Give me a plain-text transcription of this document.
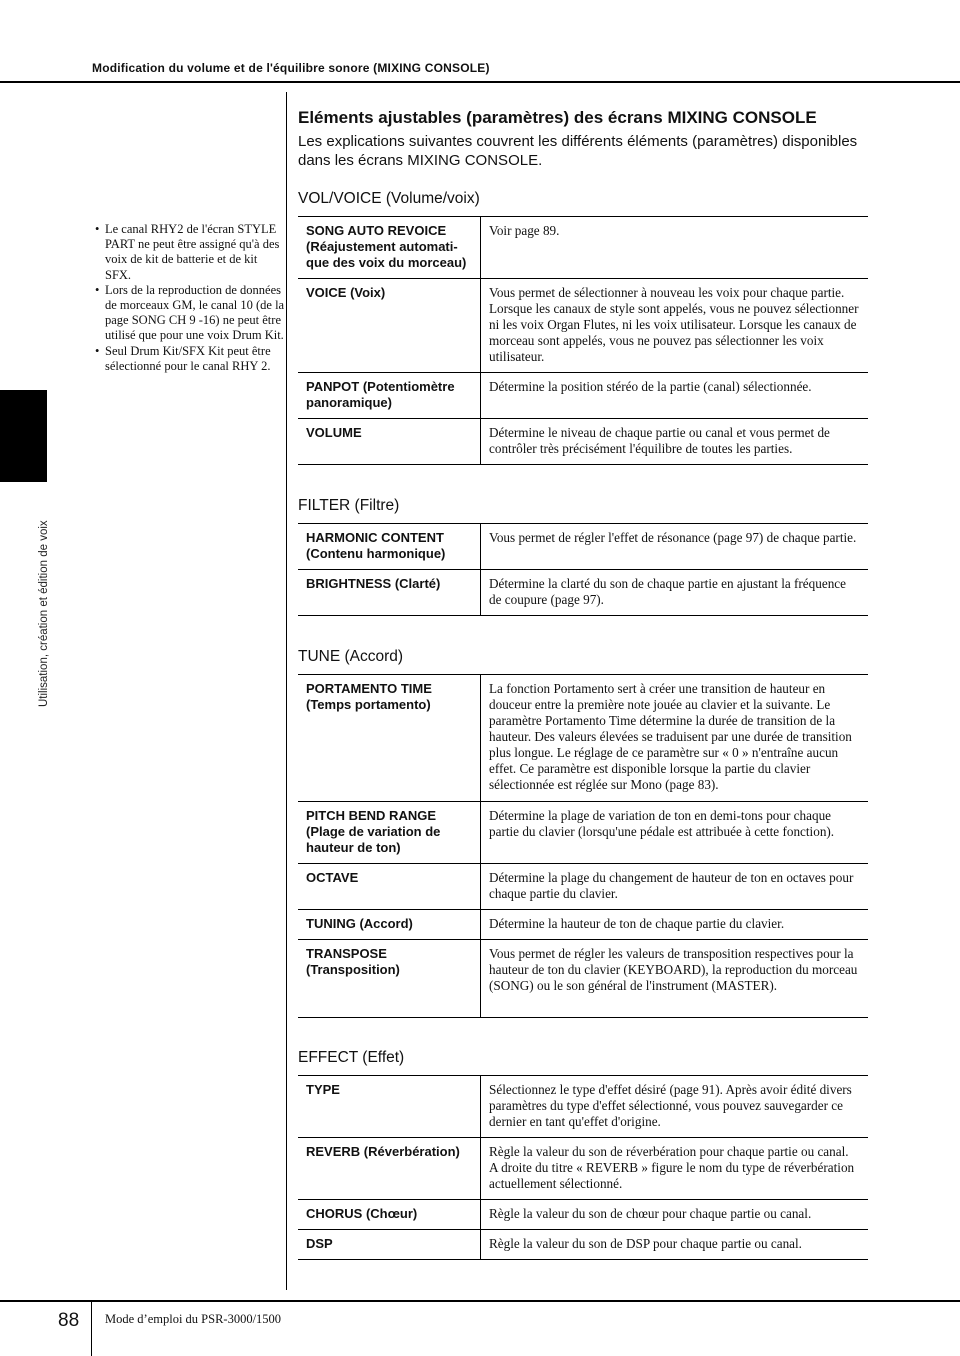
Modification du volume et de l'équilibre sonore (MIXING CONSOLE)
Utilisation, création et édition de voix
• Le canal RHY2 de l'écran STYLE PART ne peut être assigné qu'à des voix de kit de batterie et de kit SFX.
• Lors de la reproduction de données de morceaux GM, le canal 10 (de la page SONG CH 9 -16) ne peut être utilisé que pour une voix Drum Kit.
• Seul Drum Kit/SFX Kit peut être sélectionné pour le canal RHY 2.
Eléments ajustables (paramètres) des écrans MIXING CONSOLE

Les explications suivantes couvrent les différents éléments (paramètres) disponibles dans les écrans MIXING CONSOLE.

VOL/VOICE (Volume/voix)
SONG AUTO REVOICE (Réajustement automati-que des voix du morceau)	Voir page 89.
VOICE (Voix)	Vous permet de sélectionner à nouveau les voix pour chaque partie. Lorsque les canaux de style sont appelés, vous ne pouvez sélectionner ni les voix Organ Flutes, ni les voix utilisateur. Lorsque les canaux de morceau sont appelés, vous ne pouvez pas sélectionner les voix utilisateur.
PANPOT (Potentiomètre panoramique)	Détermine la position stéréo de la partie (canal) sélectionnée.
VOLUME	Détermine le niveau de chaque partie ou canal et vous permet de contrôler très précisément l'équilibre de toutes les parties.
FILTER (Filtre)
HARMONIC CONTENT (Contenu harmonique)	Vous permet de régler l'effet de résonance (page 97) de chaque partie.
BRIGHTNESS (Clarté)	Détermine la clarté du son de chaque partie en ajustant la fréquence de coupure (page 97).
TUNE (Accord)
PORTAMENTO TIME (Temps portamento)	La fonction Portamento sert à créer une transition de hauteur en douceur entre la première note jouée au clavier et la suivante. Le paramètre Portamento Time détermine la durée de transition de la hauteur. Des valeurs élevées se traduisent par une durée de transition plus longue. Le réglage de ce paramètre sur « 0 » n'entraîne aucun effet. Ce paramètre est disponible lorsque la partie du clavier sélectionnée est réglée sur Mono (page 83).
PITCH BEND RANGE (Plage de variation de hauteur de ton)	Détermine la plage de variation de ton en demi-tons pour chaque partie du clavier (lorsqu'une pédale est attribuée à cette fonction).
OCTAVE	Détermine la plage du changement de hauteur de ton en octaves pour chaque partie du clavier.
TUNING (Accord)	Détermine la hauteur de ton de chaque partie du clavier.
TRANSPOSE (Transposition)	Vous permet de régler les valeurs de transposition respectives pour la hauteur de ton du clavier (KEYBOARD), la reproduction du morceau (SONG) ou le son général de l'instrument (MASTER).
EFFECT (Effet)
TYPE	Sélectionnez le type d'effet désiré (page 91). Après avoir édité divers paramètres du type d'effet sélectionné, vous pouvez sauvegarder ce dernier en tant qu'effet d'origine.
REVERB (Réverbération)	Règle la valeur du son de réverbération pour chaque partie ou canal. A droite du titre « REVERB » figure le nom du type de réverbération actuellement sélectionné.
CHORUS (Chœur)	Règle la valeur du son de chœur pour chaque partie ou canal.
DSP	Règle la valeur du son de DSP pour chaque partie ou canal.
88 Mode d’emploi du PSR-3000/1500
